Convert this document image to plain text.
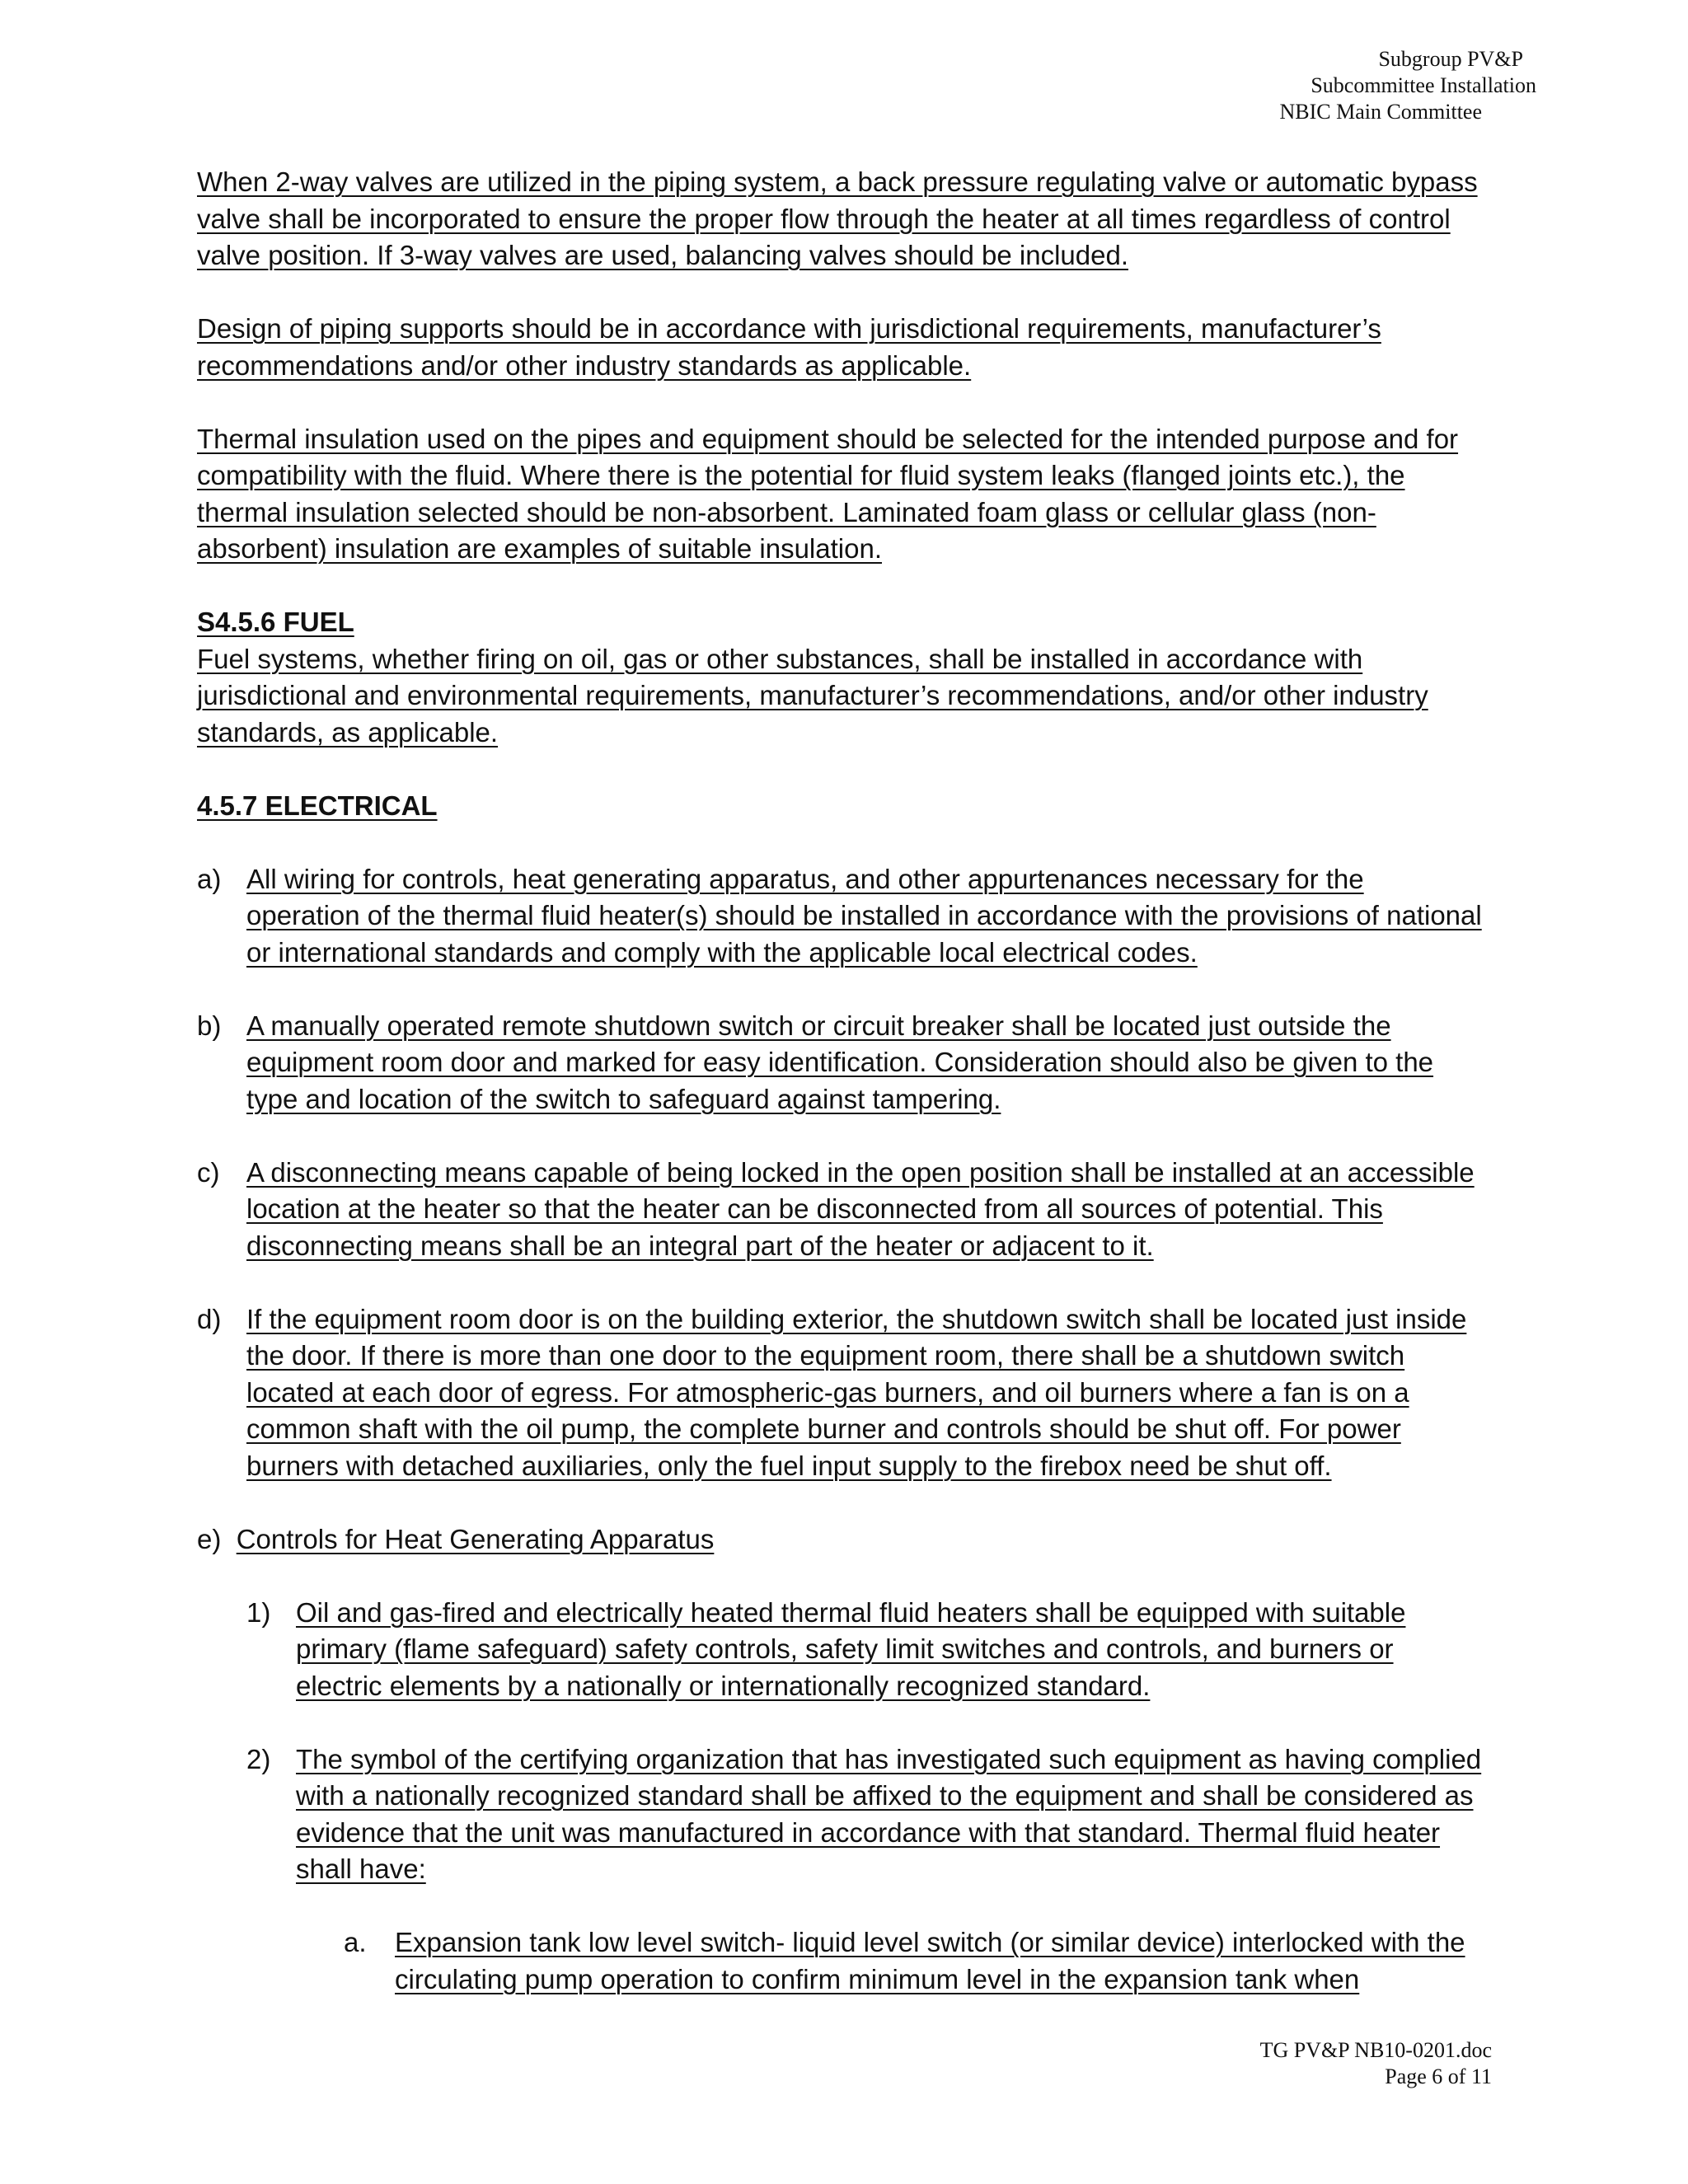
Subgroup PV&P
Subcommittee Installation
NBIC Main Committee

When 2-way valves are utilized in the piping system, a back pressure regulating valve or automatic bypass valve shall be incorporated to ensure the proper flow through the heater at all times regardless of control valve position. If 3-way valves are used, balancing valves should be included.

Design of piping supports should be in accordance with jurisdictional requirements, manufacturer’s recommendations and/or other industry standards as applicable.

Thermal insulation used on the pipes and equipment should be selected for the intended purpose and for compatibility with the fluid. Where there is the potential for fluid system leaks (flanged joints etc.), the thermal insulation selected should be non-absorbent. Laminated foam glass or cellular glass (non-absorbent) insulation are examples of suitable insulation.

S4.5.6 FUEL
Fuel systems, whether firing on oil, gas or other substances, shall be installed in accordance with jurisdictional and environmental requirements, manufacturer’s recommendations, and/or other industry standards, as applicable.
4.5.7 ELECTRICAL
a) All wiring for controls, heat generating apparatus, and other appurtenances necessary for the operation of the thermal fluid heater(s) should be installed in accordance with the provisions of national or international standards and comply with the applicable local electrical codes.
b) A manually operated remote shutdown switch or circuit breaker shall be located just outside the equipment room door and marked for easy identification. Consideration should also be given to the type and location of the switch to safeguard against tampering.
c) A disconnecting means capable of being locked in the open position shall be installed at an accessible location at the heater so that the heater can be disconnected from all sources of potential. This disconnecting means shall be an integral part of the heater or adjacent to it.
d) If the equipment room door is on the building exterior, the shutdown switch shall be located just inside the door. If there is more than one door to the equipment room, there shall be a shutdown switch located at each door of egress. For atmospheric-gas burners, and oil burners where a fan is on a common shaft with the oil pump, the complete burner and controls should be shut off. For power burners with detached auxiliaries, only the fuel input supply to the firebox need be shut off.
e) Controls for Heat Generating Apparatus
1) Oil and gas-fired and electrically heated thermal fluid heaters shall be equipped with suitable primary (flame safeguard) safety controls, safety limit switches and controls, and burners or electric elements by a nationally or internationally recognized standard.
2) The symbol of the certifying organization that has investigated such equipment as having complied with a nationally recognized standard shall be affixed to the equipment and shall be considered as evidence that the unit was manufactured in accordance with that standard. Thermal fluid heater shall have:
a. Expansion tank low level switch- liquid level switch (or similar device) interlocked with the circulating pump operation to confirm minimum level in the expansion tank when
TG PV&P NB10-0201.doc
Page 6 of 11
